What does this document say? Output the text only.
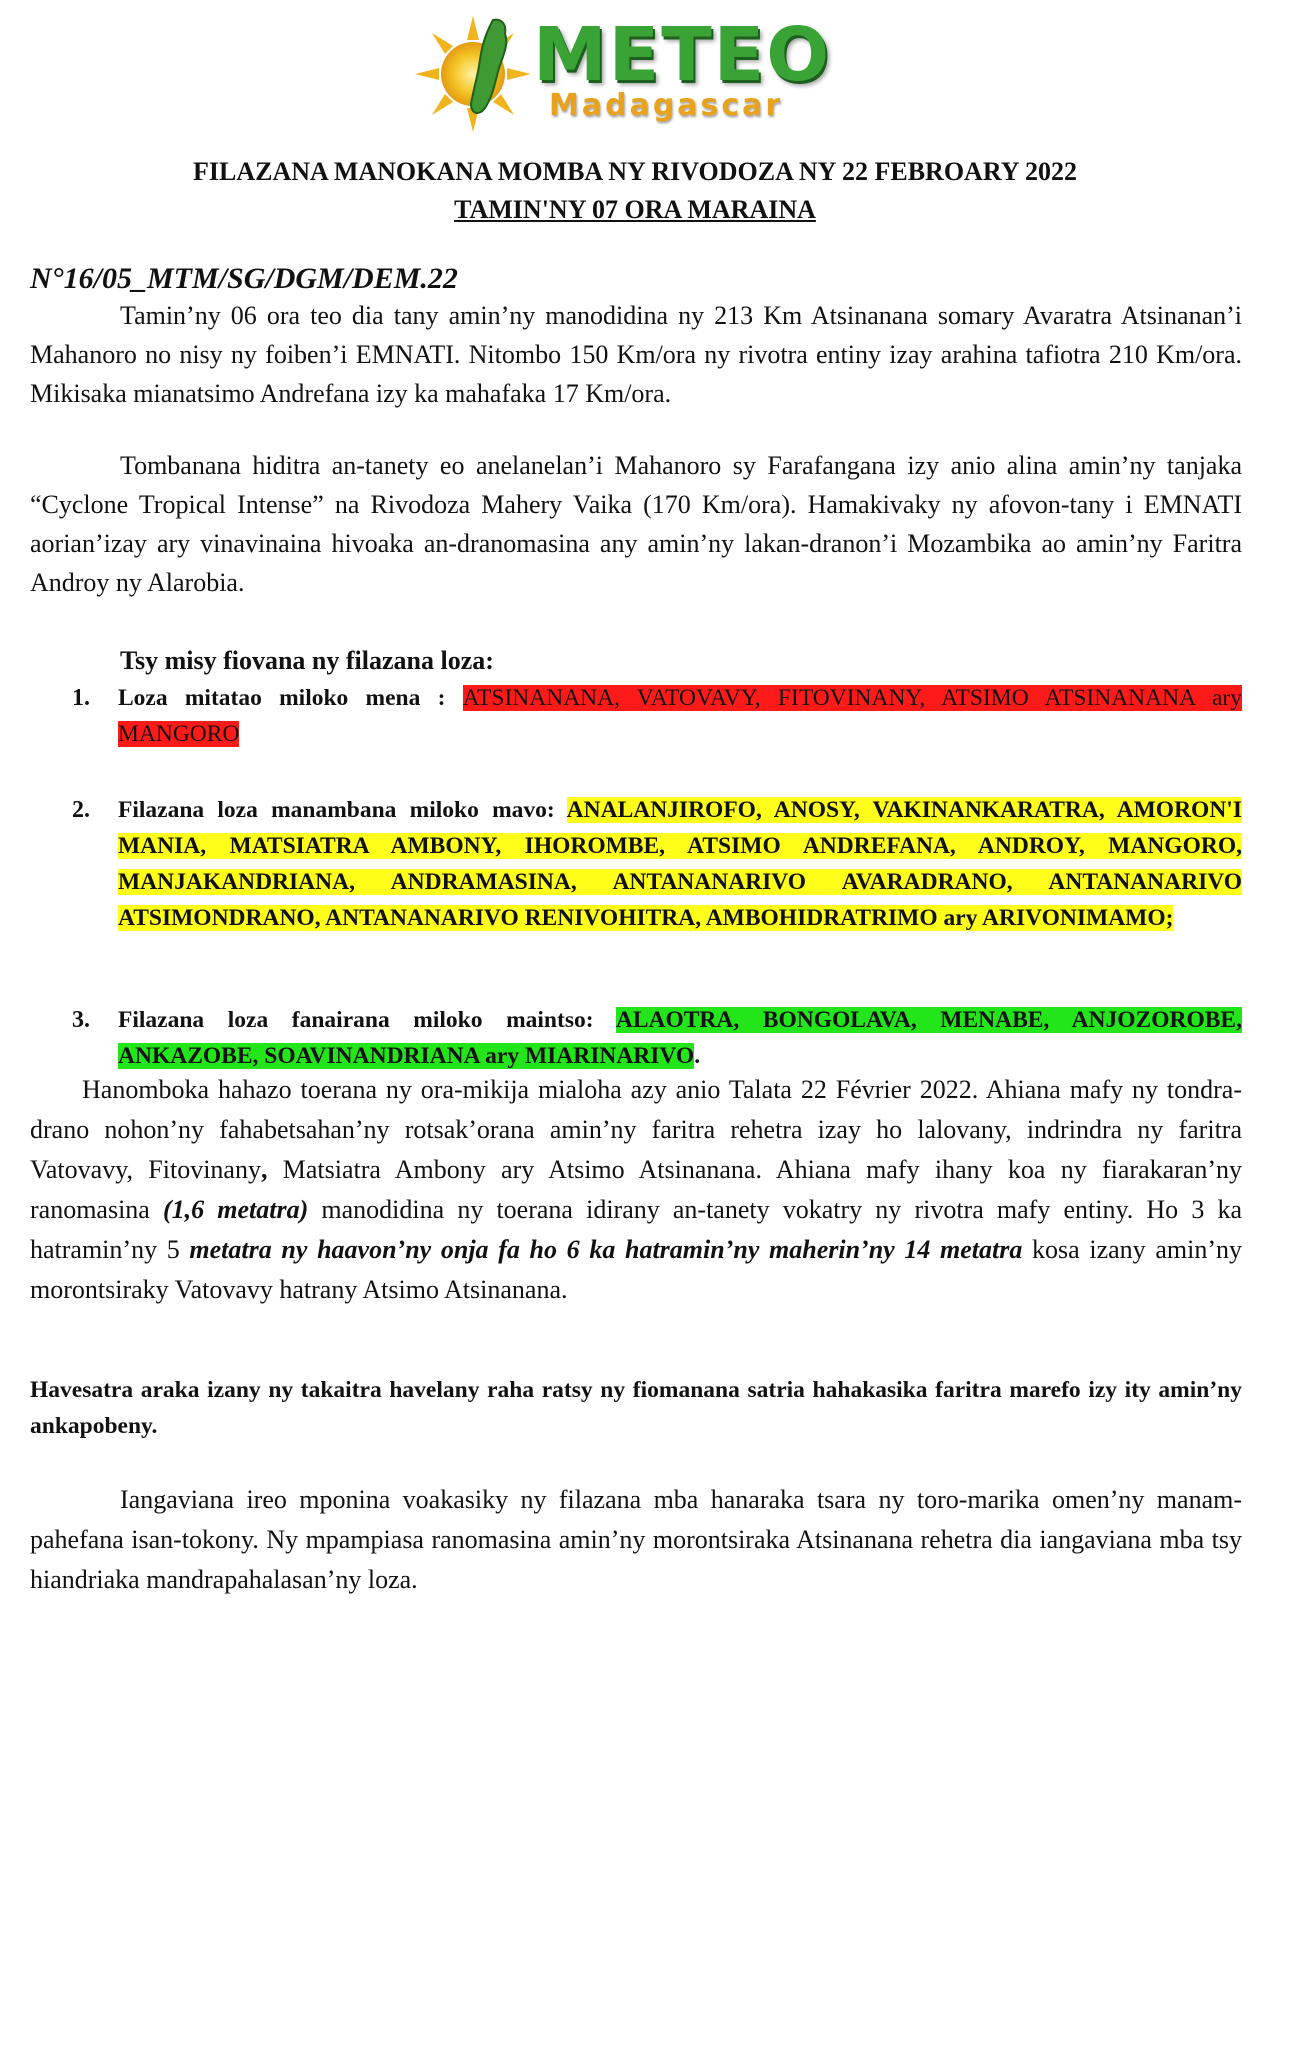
METEO
Madagascar
FILAZANA MANOKANA MOMBA NY RIVODOZA NY 22 FEBROARY 2022
TAMIN'NY 07 ORA MARAINA
N°16/05_MTM/SG/DGM/DEM.22
Tamin’ny 06 ora teo dia tany amin’ny manodidina ny 213 Km Atsinanana somary Avaratra Atsinanan’i Mahanoro no nisy ny foiben’i EMNATI. Nitombo 150 Km/ora ny rivotra entiny izay arahina tafiotra 210 Km/ora. Mikisaka mianatsimo Andrefana izy ka mahafaka 17 Km/ora.
Tombanana hiditra an-tanety eo anelanelan’i Mahanoro sy Farafangana izy anio alina amin’ny tanjaka “Cyclone Tropical Intense” na Rivodoza Mahery Vaika (170 Km/ora). Hamakivaky ny afovon-tany i EMNATI aorian’izay ary vinavinaina hivoaka an-dranomasina any amin’ny lakan-dranon’i Mozambika ao amin’ny Faritra Androy ny Alarobia.
Tsy misy fiovana ny filazana loza:
1.	Loza mitatao miloko mena : ATSINANANA, VATOVAVY, FITOVINANY, ATSIMO ATSINANANA ary MANGORO
2.	Filazana loza manambana miloko mavo: ANALANJIROFO, ANOSY, VAKINANKARATRA, AMORON'I MANIA, MATSIATRA AMBONY, IHOROMBE, ATSIMO ANDREFANA, ANDROY, MANGORO, MANJAKANDRIANA, ANDRAMASINA, ANTANANARIVO AVARADRANO, ANTANANARIVO ATSIMONDRANO, ANTANANARIVO RENIVOHITRA, AMBOHIDRATRIMO ary ARIVONIMAMO;
3.	Filazana loza fanairana miloko maintso: ALAOTRA, BONGOLAVA, MENABE, ANJOZOROBE, ANKAZOBE, SOAVINANDRIANA ary MIARINARIVO.
Hanomboka hahazo toerana ny ora-mikija mialoha azy anio Talata 22 Février 2022. Ahiana mafy ny tondra-drano nohon’ny fahabetsahan’ny rotsak’orana amin’ny faritra rehetra izay ho lalovany, indrindra ny faritra Vatovavy, Fitovinany, Matsiatra Ambony ary Atsimo Atsinanana. Ahiana mafy ihany koa ny fiarakaran’ny ranomasina (1,6 metatra) manodidina ny toerana idirany an-tanety vokatry ny rivotra mafy entiny. Ho 3 ka hatramin’ny 5 metatra ny haavon’ny onja fa ho 6 ka hatramin’ny maherin’ny 14 metatra kosa izany amin’ny morontsiraky Vatovavy hatrany Atsimo Atsinanana.
Havesatra araka izany ny takaitra havelany raha ratsy ny fiomanana satria hahakasika faritra marefo izy ity amin’ny ankapobeny.
Iangaviana ireo mponina voakasiky ny filazana mba hanaraka tsara ny toro-marika omen’ny manam-pahefana isan-tokony. Ny mpampiasa ranomasina amin’ny morontsiraka Atsinanana rehetra dia iangaviana mba tsy hiandriaka mandrapahalasan’ny loza.
